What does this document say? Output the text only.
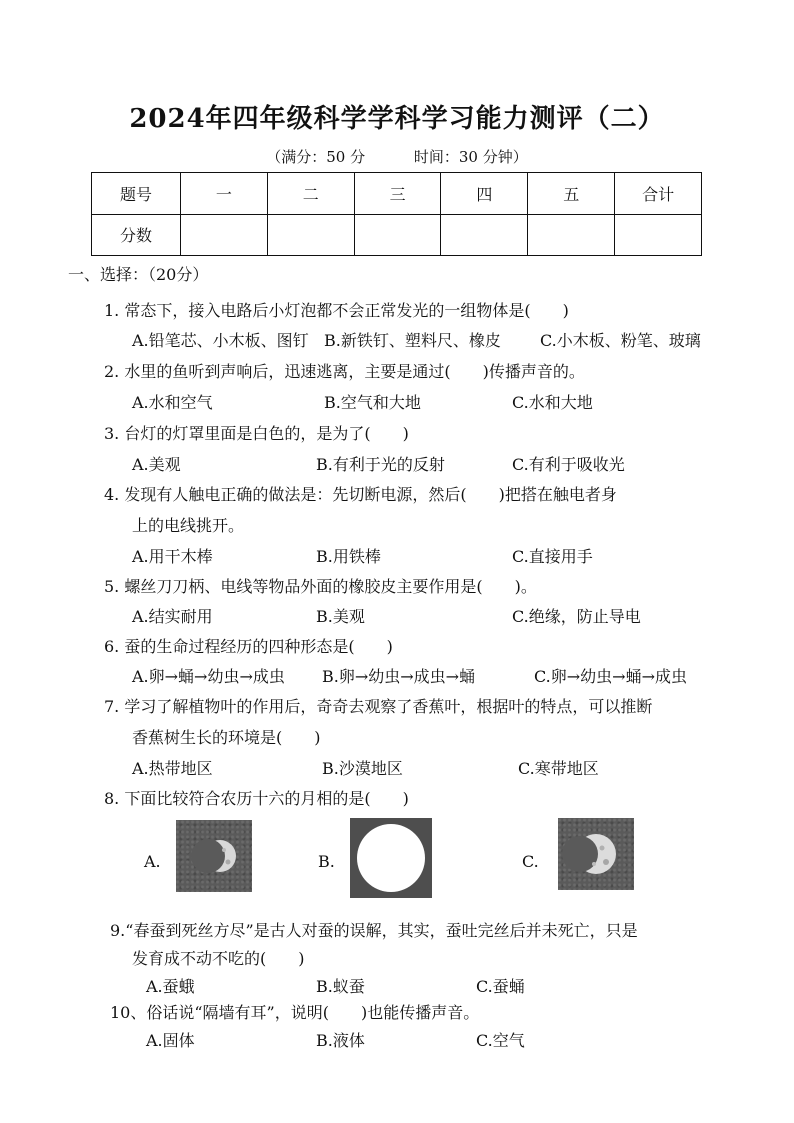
2024年四年级科学学科学习能力测评（二）
（满分：50 分	时间：30 分钟）
题号	一	二	三	四	五	合计
分数						
一、选择：（20分）
1. 常态下，接入电路后小灯泡都不会正常发光的一组物体是(　　)
A.铅笔芯、小木板、图钉 B.新铁钉、塑料尺、橡皮 C.小木板、粉笔、玻璃
2. 水里的鱼听到声响后，迅速逃离，主要是通过(　　)传播声音的。
A.水和空气	B.空气和大地	C.水和大地
3. 台灯的灯罩里面是白色的，是为了(　　)
A.美观	B.有利于光的反射	C.有利于吸收光
4. 发现有人触电正确的做法是：先切断电源，然后(　　)把搭在触电者身
上的电线挑开。
A.用干木棒	B.用铁棒	C.直接用手
5. 螺丝刀刀柄、电线等物品外面的橡胶皮主要作用是(　　)。
A.结实耐用	B.美观	C.绝缘，防止导电
6. 蚕的生命过程经历的四种形态是(　　)
A.卵→蛹→幼虫→成虫 B.卵→幼虫→成虫→蛹	C.卵→幼虫→蛹→成虫
7. 学习了解植物叶的作用后，奇奇去观察了香蕉叶，根据叶的特点，可以推断
香蕉树生长的环境是(　　)
A.热带地区	B.沙漠地区	C.寒带地区
8. 下面比较符合农历十六的月相的是(　　)
A.	B.	C.
9.“春蚕到死丝方尽”是古人对蚕的误解，其实，蚕吐完丝后并未死亡，只是
发育成不动不吃的(　　)
A.蚕蛾	B.蚁蚕	C.蚕蛹
10、俗话说“隔墙有耳”，说明(　　)也能传播声音。
A.固体	B.液体	C.空气
